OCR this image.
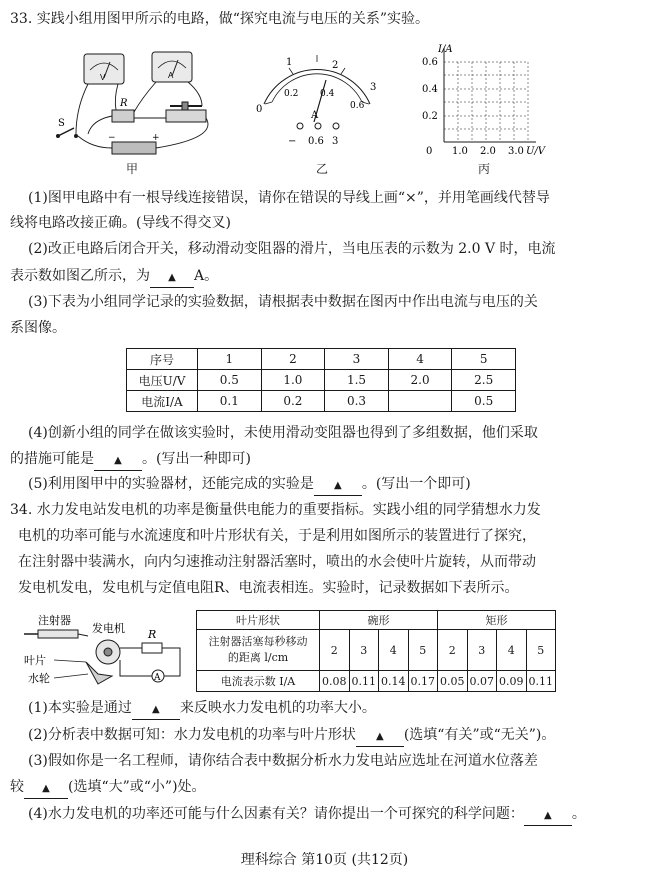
33. 实践小组用图甲所示的电路，做“探究电流与电压的关系”实验。
V	A
R
S
−	+
甲
1	2
3
0
0.2 0.4
0.6
A
− 0.6 3
乙
I/A
0.6
0.4
0.2
0 1.0 2.0 3.0 U/V
丙
(1)图甲电路中有一根导线连接错误，请你在错误的导线上画“×”，并用笔画线代替导
线将电路改接正确。(导线不得交叉)
(2)改正电路后闭合开关，移动滑动变阻器的滑片，当电压表的示数为 2.0 V 时，电流
表示数如图乙所示，为 ▲ A。
(3)下表为小组同学记录的实验数据，请根据表中数据在图丙中作出电流与电压的关
系图像。
序号	1	2	3	4	5
电压U/V	0.5	1.0	1.5	2.0	2.5
电流I/A	0.1	0.2	0.3		0.5
(4)创新小组的同学在做该实验时，未使用滑动变阻器也得到了多组数据，他们采取
的措施可能是 ▲ 。(写出一种即可)
(5)利用图甲中的实验器材，还能完成的实验是 ▲ 。(写出一个即可)
34. 水力发电站发电机的功率是衡量供电能力的重要指标。实践小组的同学猜想水力发
电机的功率可能与水流速度和叶片形状有关，于是利用如图所示的装置进行了探究，
在注射器中装满水，向内匀速推动注射器活塞时，喷出的水会使叶片旋转，从而带动
发电机发电，发电机与定值电阻R、电流表相连。实验时，记录数据如下表所示。
注射器
发电机
叶片
水轮
R
A
叶片形状	碗形				矩形			

注射器活塞每秒移动
的距离 l/cm	2	3	4	5	2	3	4	5
电流表示数 I/A	0.08	0.11	0.14	0.17	0.05	0.07	0.09	0.11
(1)本实验是通过 ▲ 来反映水力发电机的功率大小。
(2)分析表中数据可知：水力发电机的功率与叶片形状 ▲ (选填“有关”或“无关”)。
(3)假如你是一名工程师，请你结合表中数据分析水力发电站应选址在河道水位落差
较 ▲ (选填“大”或“小”)处。
(4)水力发电机的功率还可能与什么因素有关？请你提出一个可探究的科学问题： ▲ 。
理科综合 第10页 (共12页)
